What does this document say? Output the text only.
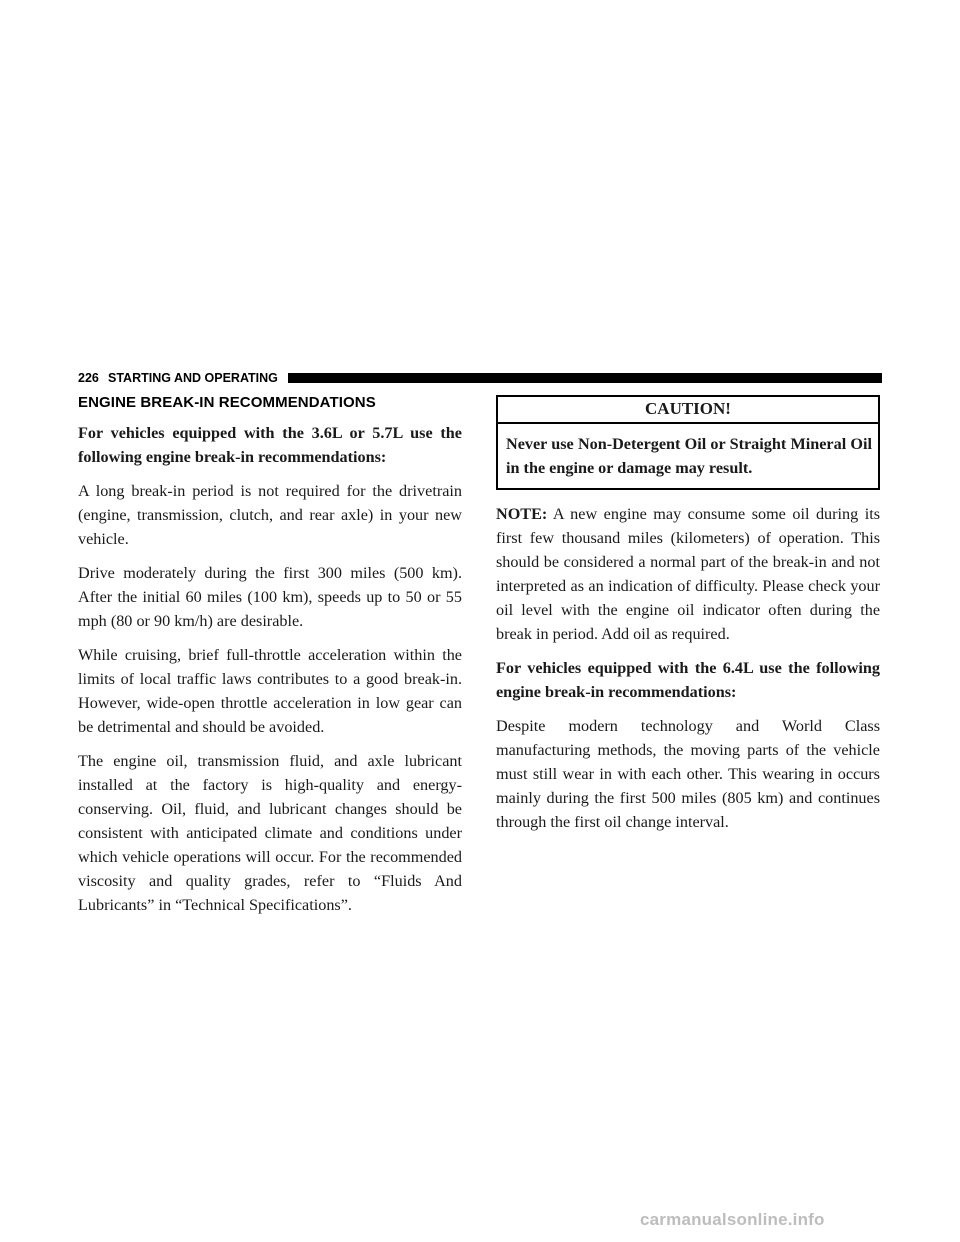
226 STARTING AND OPERATING
ENGINE BREAK-IN RECOMMENDATIONS

For vehicles equipped with the 3.6L or 5.7L use the following engine break-in recommendations:

A long break-in period is not required for the drivetrain (engine, transmission, clutch, and rear axle) in your new vehicle.

Drive moderately during the first 300 miles (500 km). After the initial 60 miles (100 km), speeds up to 50 or 55 mph (80 or 90 km/h) are desirable.

While cruising, brief full-throttle acceleration within the limits of local traffic laws contributes to a good break-in. However, wide-open throttle acceleration in low gear can be detrimental and should be avoided.

The engine oil, transmission fluid, and axle lubricant installed at the factory is high-quality and energy-conserving. Oil, fluid, and lubricant changes should be consistent with anticipated climate and conditions under which vehicle operations will occur. For the recommended viscosity and quality grades, refer to “Fluids And Lubricants” in “Technical Specifications”.

CAUTION!
Never use Non-Detergent Oil or Straight Mineral Oil in the engine or damage may result.

NOTE: A new engine may consume some oil during its first few thousand miles (kilometers) of operation. This should be considered a normal part of the break-in and not interpreted as an indication of difficulty. Please check your oil level with the engine oil indicator often during the break in period. Add oil as required.

For vehicles equipped with the 6.4L use the following engine break-in recommendations:

Despite modern technology and World Class manufacturing methods, the moving parts of the vehicle must still wear in with each other. This wearing in occurs mainly during the first 500 miles (805 km) and continues through the first oil change interval.

carmanualsonline.info
